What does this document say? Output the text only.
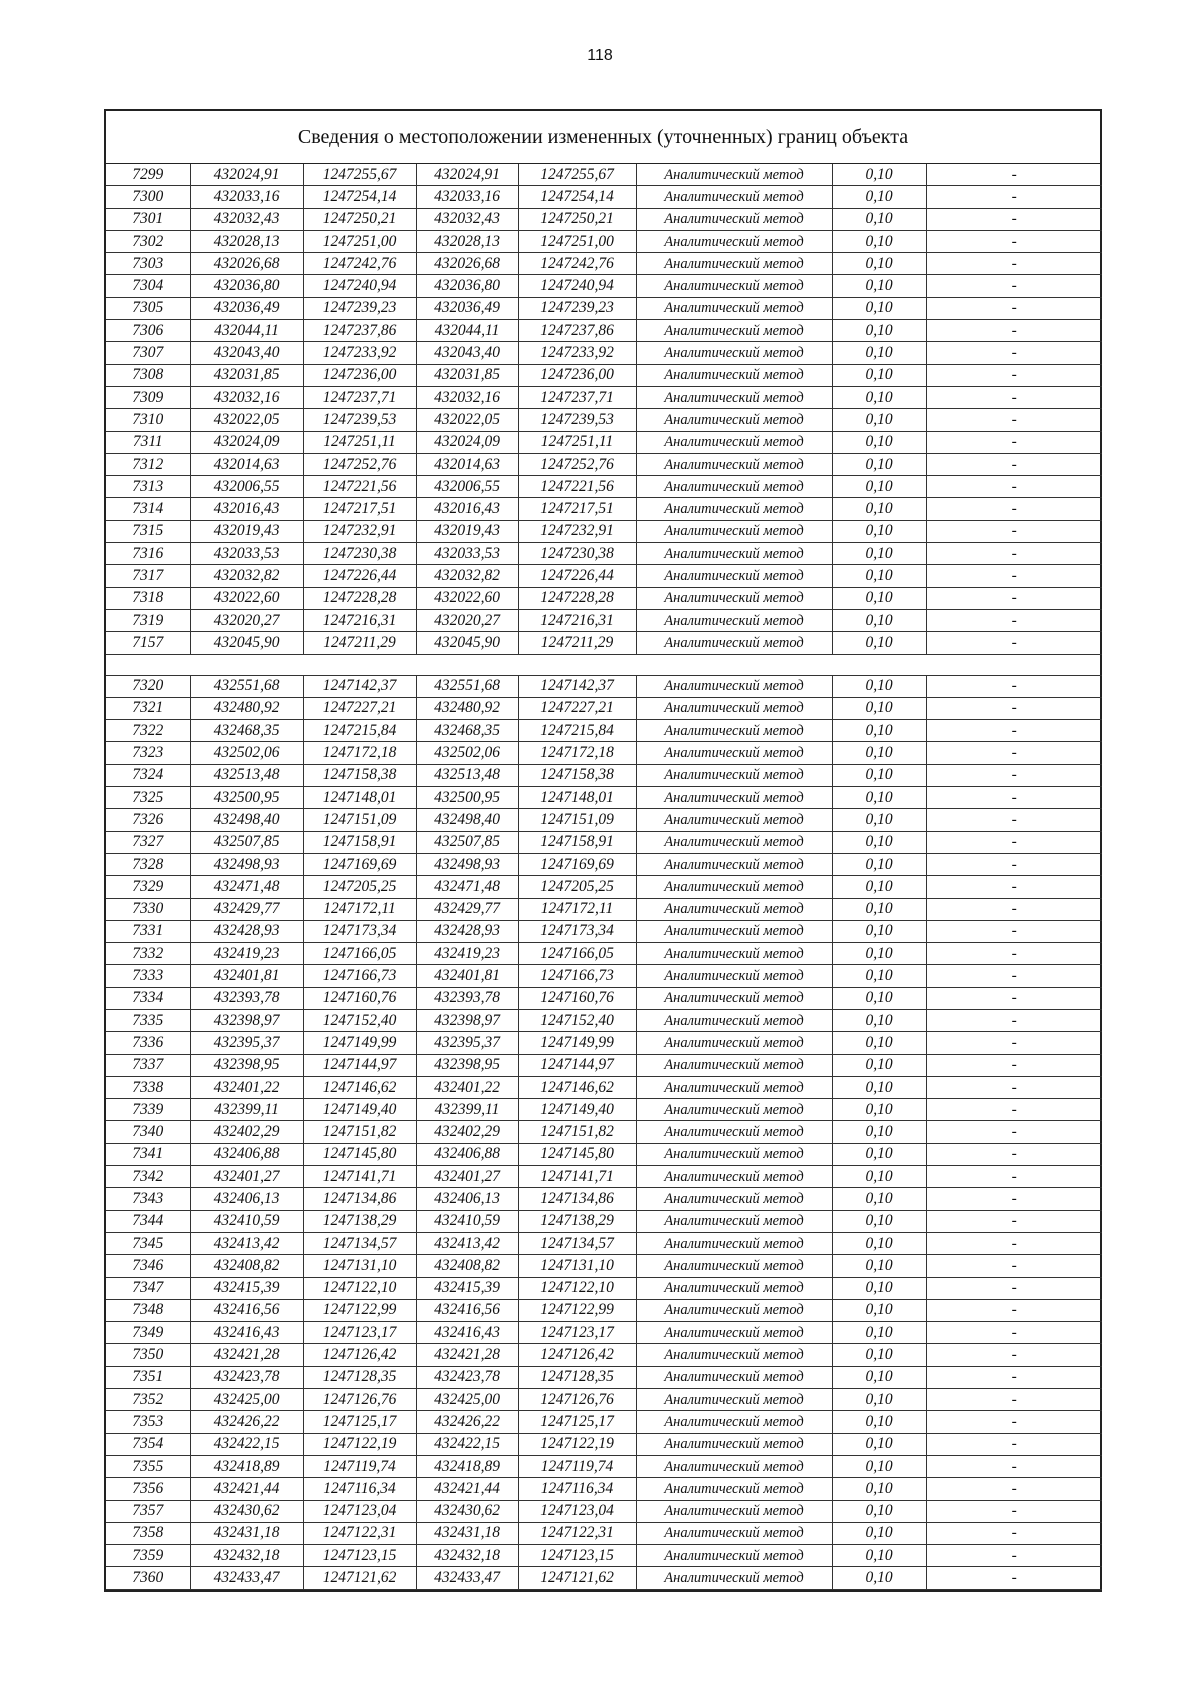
118
Сведения о местоположении измененных (уточненных) границ объекта
7299	432024,91	1247255,67	432024,91	1247255,67	Аналитический метод	0,10	-
7300	432033,16	1247254,14	432033,16	1247254,14	Аналитический метод	0,10	-
7301	432032,43	1247250,21	432032,43	1247250,21	Аналитический метод	0,10	-
7302	432028,13	1247251,00	432028,13	1247251,00	Аналитический метод	0,10	-
7303	432026,68	1247242,76	432026,68	1247242,76	Аналитический метод	0,10	-
7304	432036,80	1247240,94	432036,80	1247240,94	Аналитический метод	0,10	-
7305	432036,49	1247239,23	432036,49	1247239,23	Аналитический метод	0,10	-
7306	432044,11	1247237,86	432044,11	1247237,86	Аналитический метод	0,10	-
7307	432043,40	1247233,92	432043,40	1247233,92	Аналитический метод	0,10	-
7308	432031,85	1247236,00	432031,85	1247236,00	Аналитический метод	0,10	-
7309	432032,16	1247237,71	432032,16	1247237,71	Аналитический метод	0,10	-
7310	432022,05	1247239,53	432022,05	1247239,53	Аналитический метод	0,10	-
7311	432024,09	1247251,11	432024,09	1247251,11	Аналитический метод	0,10	-
7312	432014,63	1247252,76	432014,63	1247252,76	Аналитический метод	0,10	-
7313	432006,55	1247221,56	432006,55	1247221,56	Аналитический метод	0,10	-
7314	432016,43	1247217,51	432016,43	1247217,51	Аналитический метод	0,10	-
7315	432019,43	1247232,91	432019,43	1247232,91	Аналитический метод	0,10	-
7316	432033,53	1247230,38	432033,53	1247230,38	Аналитический метод	0,10	-
7317	432032,82	1247226,44	432032,82	1247226,44	Аналитический метод	0,10	-
7318	432022,60	1247228,28	432022,60	1247228,28	Аналитический метод	0,10	-
7319	432020,27	1247216,31	432020,27	1247216,31	Аналитический метод	0,10	-
7157	432045,90	1247211,29	432045,90	1247211,29	Аналитический метод	0,10	-

7320	432551,68	1247142,37	432551,68	1247142,37	Аналитический метод	0,10	-
7321	432480,92	1247227,21	432480,92	1247227,21	Аналитический метод	0,10	-
7322	432468,35	1247215,84	432468,35	1247215,84	Аналитический метод	0,10	-
7323	432502,06	1247172,18	432502,06	1247172,18	Аналитический метод	0,10	-
7324	432513,48	1247158,38	432513,48	1247158,38	Аналитический метод	0,10	-
7325	432500,95	1247148,01	432500,95	1247148,01	Аналитический метод	0,10	-
7326	432498,40	1247151,09	432498,40	1247151,09	Аналитический метод	0,10	-
7327	432507,85	1247158,91	432507,85	1247158,91	Аналитический метод	0,10	-
7328	432498,93	1247169,69	432498,93	1247169,69	Аналитический метод	0,10	-
7329	432471,48	1247205,25	432471,48	1247205,25	Аналитический метод	0,10	-
7330	432429,77	1247172,11	432429,77	1247172,11	Аналитический метод	0,10	-
7331	432428,93	1247173,34	432428,93	1247173,34	Аналитический метод	0,10	-
7332	432419,23	1247166,05	432419,23	1247166,05	Аналитический метод	0,10	-
7333	432401,81	1247166,73	432401,81	1247166,73	Аналитический метод	0,10	-
7334	432393,78	1247160,76	432393,78	1247160,76	Аналитический метод	0,10	-
7335	432398,97	1247152,40	432398,97	1247152,40	Аналитический метод	0,10	-
7336	432395,37	1247149,99	432395,37	1247149,99	Аналитический метод	0,10	-
7337	432398,95	1247144,97	432398,95	1247144,97	Аналитический метод	0,10	-
7338	432401,22	1247146,62	432401,22	1247146,62	Аналитический метод	0,10	-
7339	432399,11	1247149,40	432399,11	1247149,40	Аналитический метод	0,10	-
7340	432402,29	1247151,82	432402,29	1247151,82	Аналитический метод	0,10	-
7341	432406,88	1247145,80	432406,88	1247145,80	Аналитический метод	0,10	-
7342	432401,27	1247141,71	432401,27	1247141,71	Аналитический метод	0,10	-
7343	432406,13	1247134,86	432406,13	1247134,86	Аналитический метод	0,10	-
7344	432410,59	1247138,29	432410,59	1247138,29	Аналитический метод	0,10	-
7345	432413,42	1247134,57	432413,42	1247134,57	Аналитический метод	0,10	-
7346	432408,82	1247131,10	432408,82	1247131,10	Аналитический метод	0,10	-
7347	432415,39	1247122,10	432415,39	1247122,10	Аналитический метод	0,10	-
7348	432416,56	1247122,99	432416,56	1247122,99	Аналитический метод	0,10	-
7349	432416,43	1247123,17	432416,43	1247123,17	Аналитический метод	0,10	-
7350	432421,28	1247126,42	432421,28	1247126,42	Аналитический метод	0,10	-
7351	432423,78	1247128,35	432423,78	1247128,35	Аналитический метод	0,10	-
7352	432425,00	1247126,76	432425,00	1247126,76	Аналитический метод	0,10	-
7353	432426,22	1247125,17	432426,22	1247125,17	Аналитический метод	0,10	-
7354	432422,15	1247122,19	432422,15	1247122,19	Аналитический метод	0,10	-
7355	432418,89	1247119,74	432418,89	1247119,74	Аналитический метод	0,10	-
7356	432421,44	1247116,34	432421,44	1247116,34	Аналитический метод	0,10	-
7357	432430,62	1247123,04	432430,62	1247123,04	Аналитический метод	0,10	-
7358	432431,18	1247122,31	432431,18	1247122,31	Аналитический метод	0,10	-
7359	432432,18	1247123,15	432432,18	1247123,15	Аналитический метод	0,10	-
7360	432433,47	1247121,62	432433,47	1247121,62	Аналитический метод	0,10	-
